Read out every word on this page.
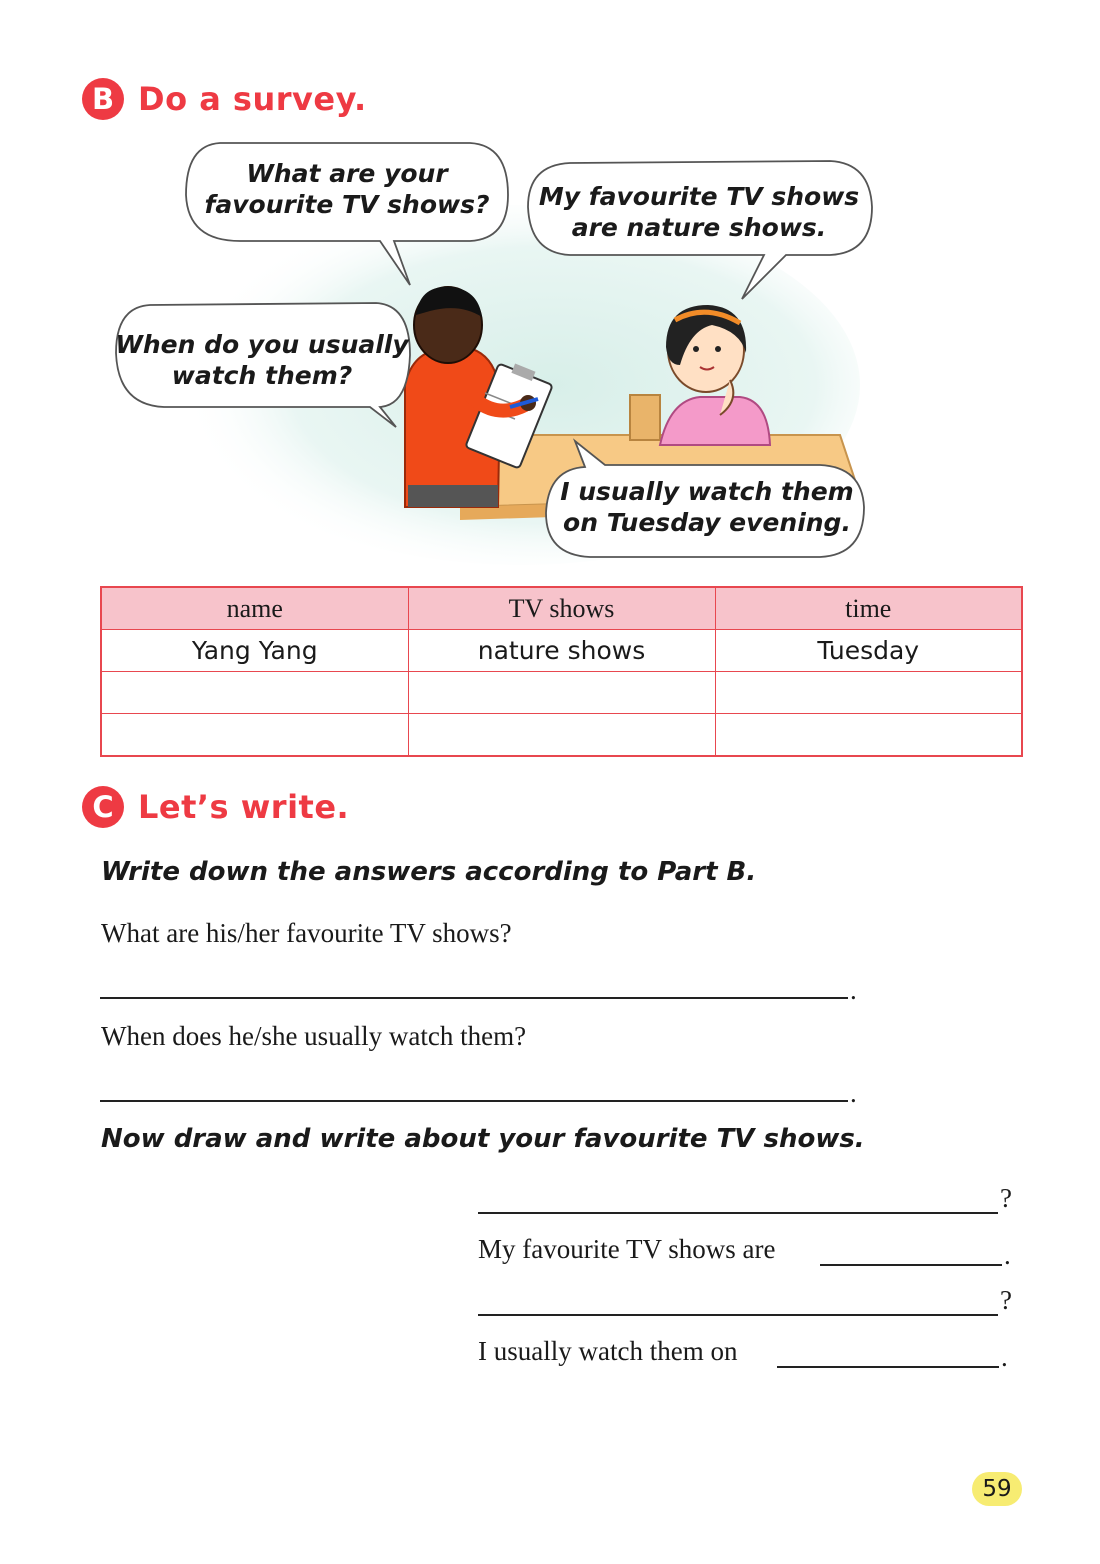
B Do a survey.
What are your
favourite TV shows? My favourite TV shows
are nature shows.
When do you usually
watch them?
I usually watch them
on Tuesday evening.
name	TV shows	time
Yang Yang	nature shows	Tuesday

C Let’s write.
Write down the answers according to Part B.
What are his/her favourite TV shows?
.
When does he/she usually watch them?
.
Now draw and write about your favourite TV shows.
?
My favourite TV shows are	.
?
I usually watch them on	.
59
